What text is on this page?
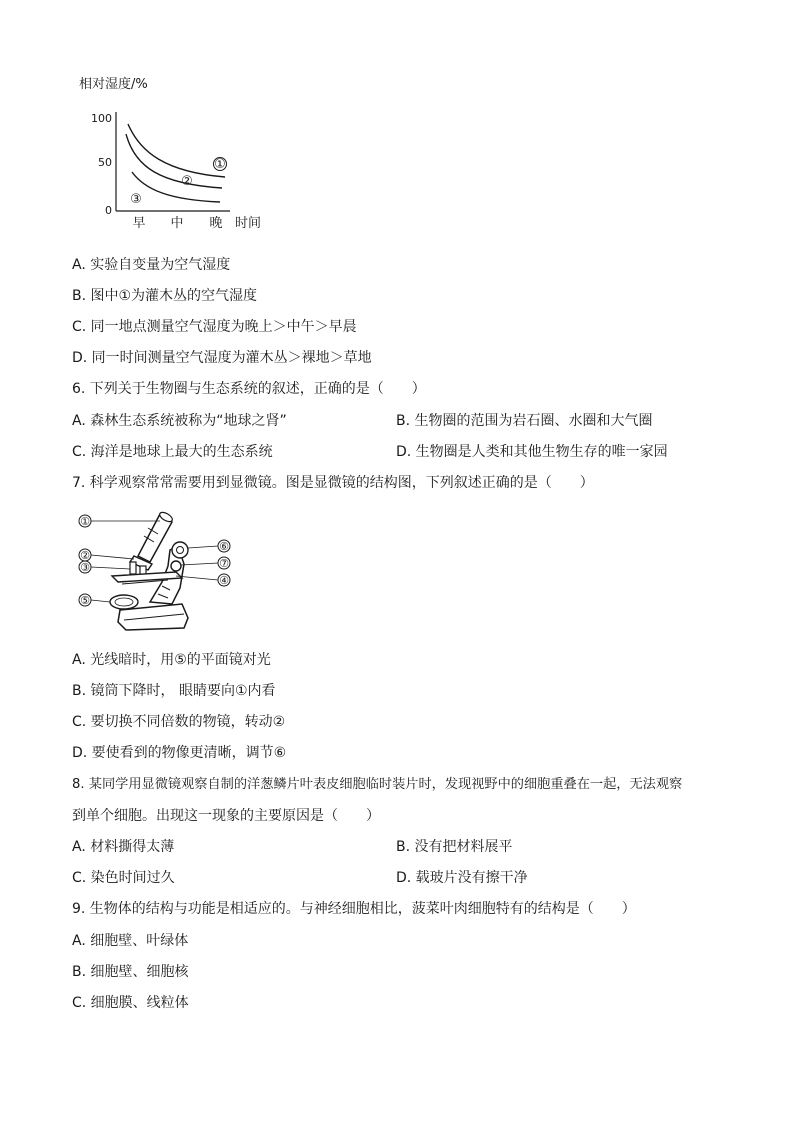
相对湿度/%
100
50
0
①
②
③
早 中 晚 时间
A. 实验自变量为空气湿度
B. 图中①为灌木丛的空气湿度
C. 同一地点测量空气湿度为晚上＞中午＞早晨
D. 同一时间测量空气湿度为灌木丛＞裸地＞草地
6. 下列关于生物圈与生态系统的叙述，正确的是（　　）
A. 森林生态系统被称为“地球之肾”	B. 生物圈的范围为岩石圈、水圈和大气圈
C. 海洋是地球上最大的生态系统	D. 生物圈是人类和其他生物生存的唯一家园
7. 科学观察常常需要用到显微镜。图是显微镜的结构图，下列叙述正确的是（　　）
①
②
③
④
⑤
⑥
⑦
A. 光线暗时，用⑤的平面镜对光
B. 镜筒下降时， 眼睛要向①内看
C. 要切换不同倍数的物镜，转动②
D. 要使看到的物像更清晰，调节⑥
8. 某同学用显微镜观察自制的洋葱鳞片叶表皮细胞临时装片时，发现视野中的细胞重叠在一起，无法观察
到单个细胞。出现这一现象的主要原因是（　　）
A. 材料撕得太薄	B. 没有把材料展平
C. 染色时间过久	D. 载玻片没有擦干净
9. 生物体的结构与功能是相适应的。与神经细胞相比，菠菜叶肉细胞特有的结构是（　　）
A. 细胞壁、叶绿体
B. 细胞壁、细胞核
C. 细胞膜、线粒体
